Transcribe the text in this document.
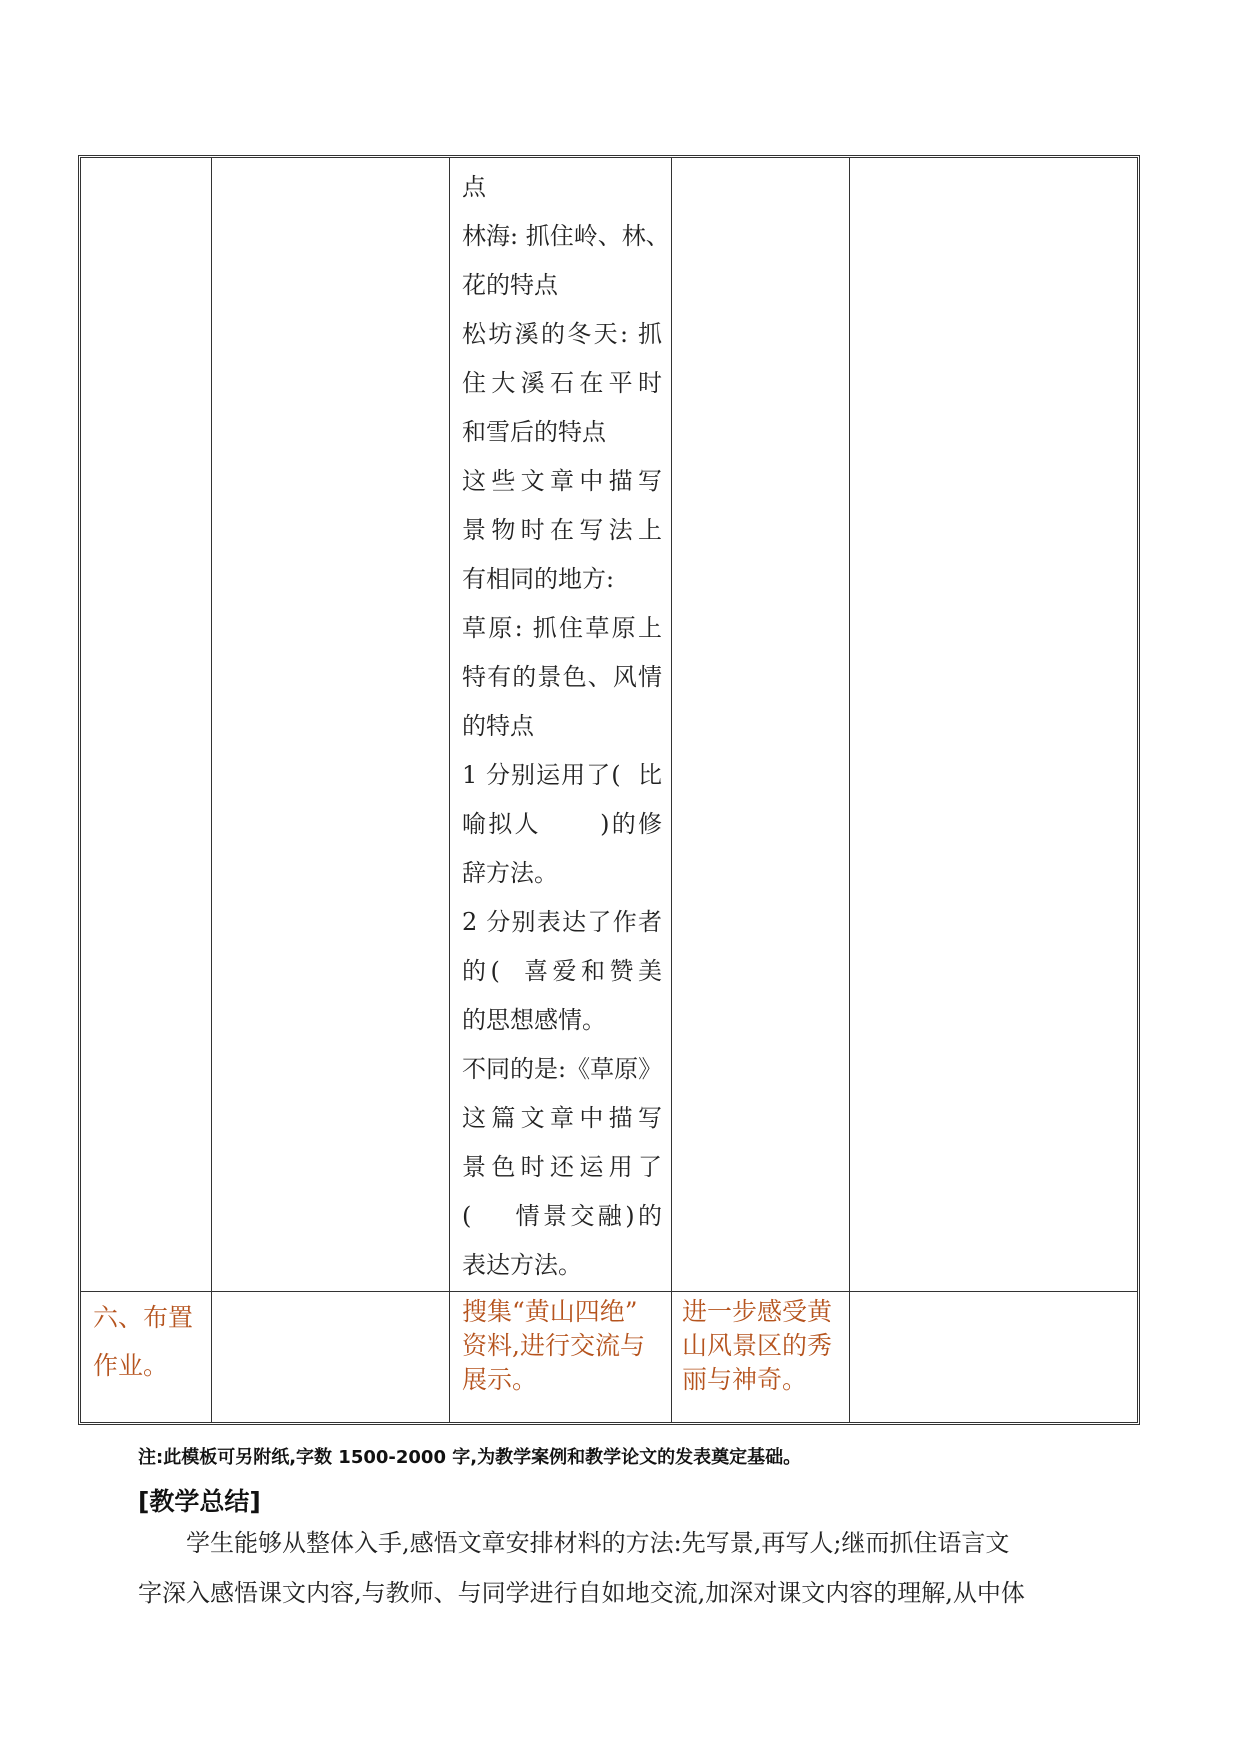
点
林海: 抓住岭、林、
花的特点
松坊溪的冬天: 抓
住大溪石在平时
和雪后的特点
这些文章中描写
景物时在写法上
有相同的地方:
草原: 抓住草原上
特有的景色、风情
的特点
1 分别运用了(  比
喻拟人      )的修
辞方法。
2 分别表达了作者
的(  喜爱和赞美
的思想感情。
不同的是:《草原》
这篇文章中描写
景色时还运用了
(    情景交融)的
表达方法。
六、布置
作业。
搜集“黄山四绝”
资料,进行交流与
展示。
进一步感受黄
山风景区的秀
丽与神奇。
注:此模板可另附纸,字数 1500-2000 字,为教学案例和教学论文的发表奠定基础。
[教学总结]
学生能够从整体入手,感悟文章安排材料的方法:先写景,再写人;继而抓住语言文
字深入感悟课文内容,与教师、与同学进行自如地交流,加深对课文内容的理解,从中体
